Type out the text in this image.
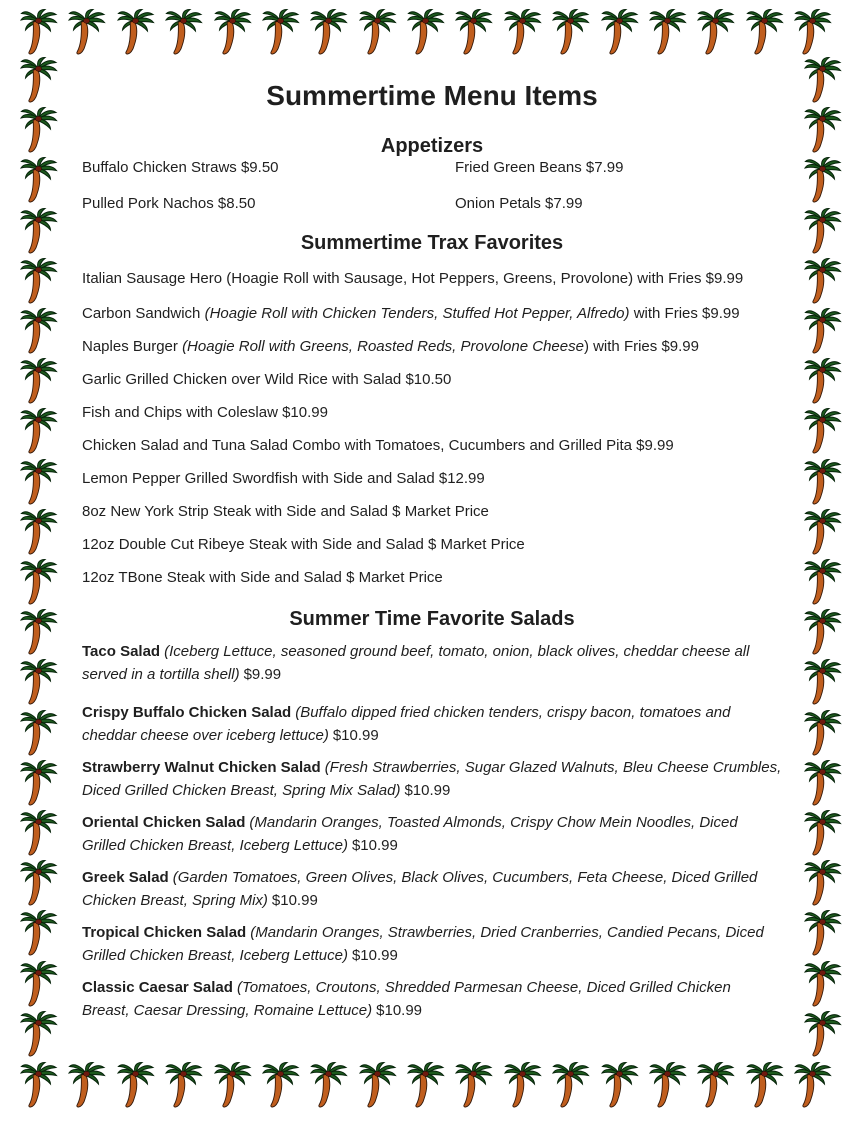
Summertime Menu Items
Appetizers
Buffalo Chicken Straws $9.50	Fried Green Beans $7.99
Pulled Pork Nachos $8.50	Onion Petals $7.99
Summertime Trax Favorites

Italian Sausage Hero (Hoagie Roll with Sausage, Hot Peppers, Greens, Provolone) with Fries $9.99

Carbon Sandwich (Hoagie Roll with Chicken Tenders, Stuffed Hot Pepper, Alfredo) with Fries $9.99

Naples Burger (Hoagie Roll with Greens, Roasted Reds, Provolone Cheese) with Fries $9.99

Garlic Grilled Chicken over Wild Rice with Salad $10.50

Fish and Chips with Coleslaw $10.99

Chicken Salad and Tuna Salad Combo with Tomatoes, Cucumbers and Grilled Pita $9.99

Lemon Pepper Grilled Swordfish with Side and Salad $12.99

8oz New York Strip Steak with Side and Salad $ Market Price

12oz Double Cut Ribeye Steak with Side and Salad $ Market Price

12oz TBone Steak with Side and Salad $ Market Price

Summer Time Favorite Salads

Taco Salad (Iceberg Lettuce, seasoned ground beef, tomato, onion, black olives, cheddar cheese all served in a tortilla shell) $9.99

Crispy Buffalo Chicken Salad (Buffalo dipped fried chicken tenders, crispy bacon, tomatoes and cheddar cheese over iceberg lettuce) $10.99

Strawberry Walnut Chicken Salad (Fresh Strawberries, Sugar Glazed Walnuts, Bleu Cheese Crumbles, Diced Grilled Chicken Breast, Spring Mix Salad) $10.99

Oriental Chicken Salad (Mandarin Oranges, Toasted Almonds, Crispy Chow Mein Noodles, Diced Grilled Chicken Breast, Iceberg Lettuce) $10.99

Greek Salad (Garden Tomatoes, Green Olives, Black Olives, Cucumbers, Feta Cheese, Diced Grilled Chicken Breast, Spring Mix) $10.99

Tropical Chicken Salad (Mandarin Oranges, Strawberries, Dried Cranberries, Candied Pecans, Diced Grilled Chicken Breast, Iceberg Lettuce) $10.99

Classic Caesar Salad (Tomatoes, Croutons, Shredded Parmesan Cheese, Diced Grilled Chicken Breast, Caesar Dressing, Romaine Lettuce) $10.99
